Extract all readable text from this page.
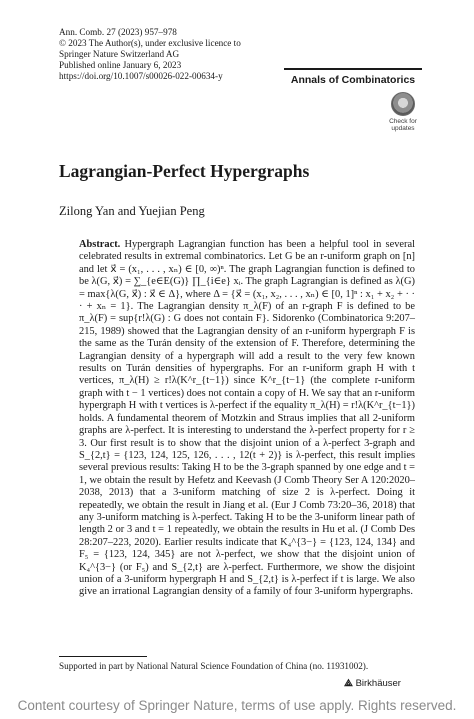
Ann. Comb. 27 (2023) 957–978
© 2023 The Author(s), under exclusive licence to
Springer Nature Switzerland AG
Published online January 6, 2023
https://doi.org/10.1007/s00026-022-00634-y	Annals of Combinatorics
Check for updates
Lagrangian-Perfect Hypergraphs
Zilong Yan and Yuejian Peng

Abstract. Hypergraph Lagrangian function has been a helpful tool in several celebrated results in extremal combinatorics. Let G be an r-uniform graph on [n] and let x⃗ = (x₁, . . . , xₙ) ∈ [0, ∞)ⁿ. The graph Lagrangian function is defined to be λ(G, x⃗) = ∑_{e∈E(G)} ∏_{i∈e} xᵢ. The graph Lagrangian is defined as λ(G) = max{λ(G, x⃗) : x⃗ ∈ Δ}, where Δ = {x⃗ = (x₁, x₂, . . . , xₙ) ∈ [0, 1]ⁿ : x₁ + x₂ + · · · + xₙ = 1}. The Lagrangian density π_λ(F) of an r-graph F is defined to be π_λ(F) = sup{r!λ(G) : G does not contain F}. Sidorenko (Combinatorica 9:207–215, 1989) showed that the Lagrangian density of an r-uniform hypergraph F is the same as the Turán density of the extension of F. Therefore, determining the Lagrangian density of a hypergraph will add a result to the very few known results on Turán densities of hypergraphs. For an r-uniform graph H with t vertices, π_λ(H) ≥ r!λ(K^r_{t−1}) since K^r_{t−1} (the complete r-uniform graph with t − 1 vertices) does not contain a copy of H. We say that an r-uniform hypergraph H with t vertices is λ-perfect if the equality π_λ(H) = r!λ(K^r_{t−1}) holds. A fundamental theorem of Motzkin and Straus implies that all 2-uniform graphs are λ-perfect. It is interesting to understand the λ-perfect property for r ≥ 3. Our first result is to show that the disjoint union of a λ-perfect 3-graph and S_{2,t} = {123, 124, 125, 126, . . . , 12(t + 2)} is λ-perfect, this result implies several previous results: Taking H to be the 3-graph spanned by one edge and t = 1, we obtain the result by Hefetz and Keevash (J Comb Theory Ser A 120:2020–2038, 2013) that a 3-uniform matching of size 2 is λ-perfect. Doing it repeatedly, we obtain the result in Jiang et al. (Eur J Comb 73:20–36, 2018) that any 3-uniform matching is λ-perfect. Taking H to be the 3-uniform linear path of length 2 or 3 and t = 1 repeatedly, we obtain the results in Hu et al. (J Comb Des 28:207–223, 2020). Earlier results indicate that K₄^{3−} = {123, 124, 134} and F₅ = {123, 124, 345} are not λ-perfect, we show that the disjoint union of K₄^{3−} (or F₅) and S_{2,t} are λ-perfect. Furthermore, we show the disjoint union of a 3-uniform hypergraph H and S_{2,t} is λ-perfect if t is large. We also give an irrational Lagrangian density of a family of four 3-uniform hypergraphs.

Supported in part by National Natural Science Foundation of China (no. 11931002).
⟁ Birkhäuser
Content courtesy of Springer Nature, terms of use apply. Rights reserved.
